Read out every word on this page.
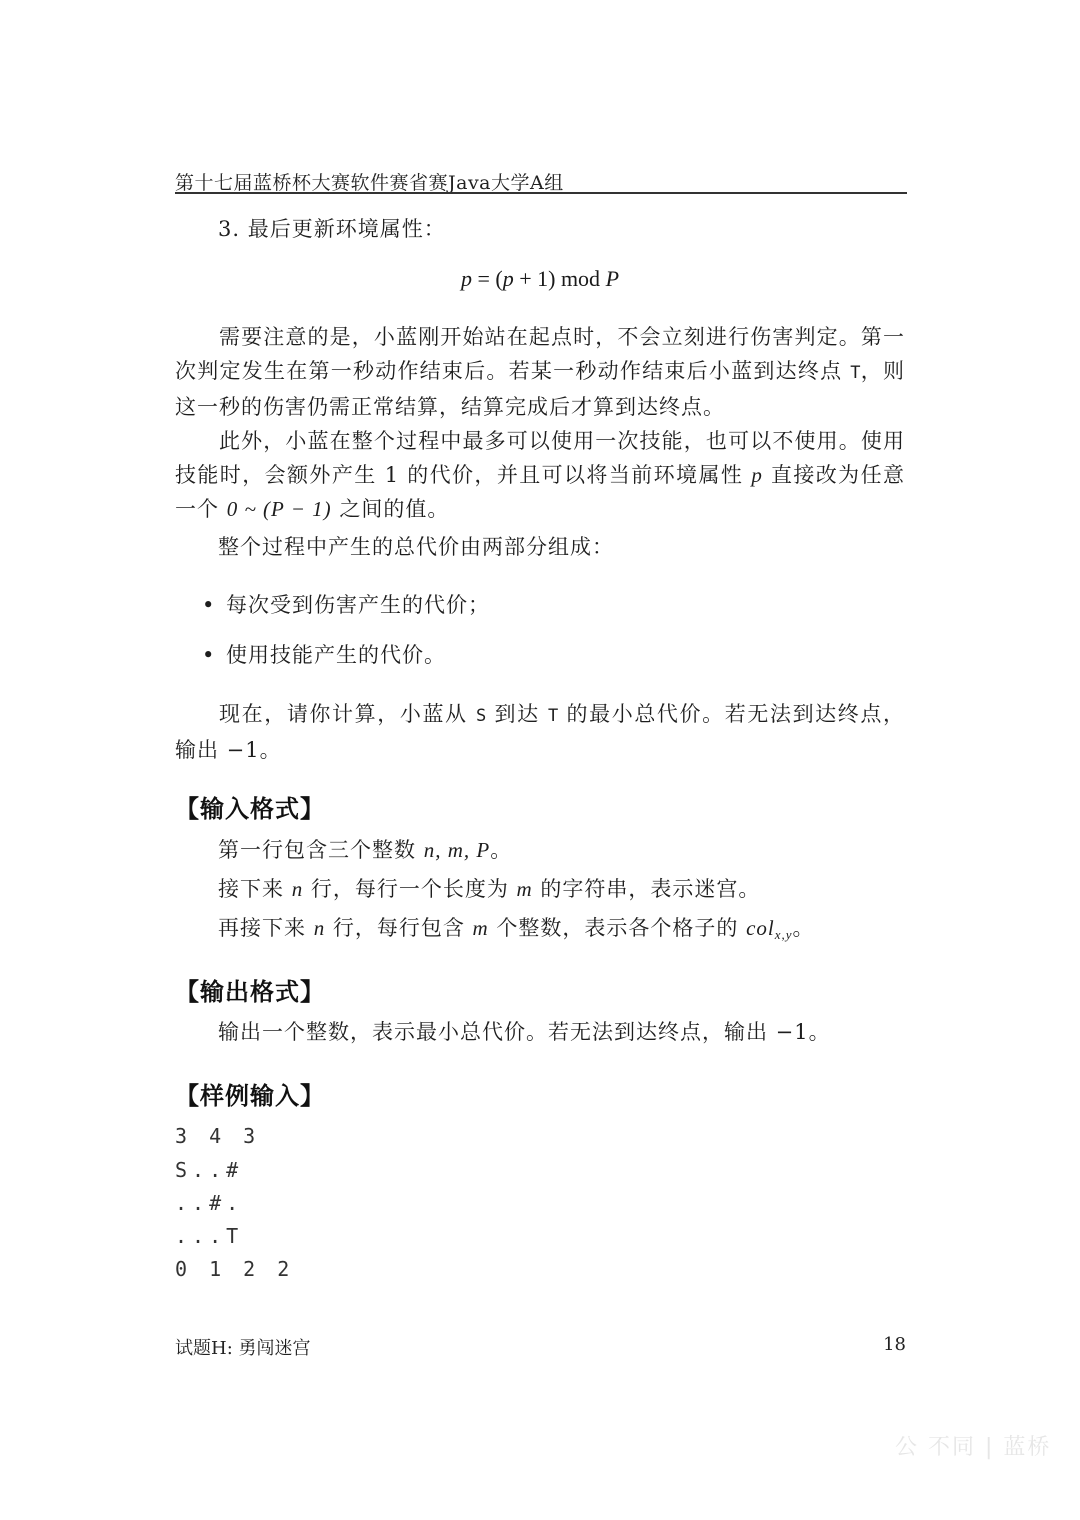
第十七届蓝桥杯大赛软件赛省赛Java大学A组
3. 最后更新环境属性：
p = (p + 1) mod P
需要注意的是，小蓝刚开始站在起点时，不会立刻进行伤害判定。第一次判定发生在第一秒动作结束后。若某一秒动作结束后小蓝到达终点 T，则这一秒的伤害仍需正常结算，结算完成后才算到达终点。
此外，小蓝在整个过程中最多可以使用一次技能，也可以不使用。使用技能时，会额外产生 1 的代价，并且可以将当前环境属性 p 直接改为任意一个 0 ~ (P − 1) 之间的值。
整个过程中产生的总代价由两部分组成：
• 每次受到伤害产生的代价；
• 使用技能产生的代价。
现在，请你计算，小蓝从 S 到达 T 的最小总代价。若无法到达终点，输出 −1。
【输入格式】
第一行包含三个整数 n, m, P。
接下来 n 行，每行一个长度为 m 的字符串，表示迷宫。
再接下来 n 行，每行包含 m 个整数，表示各个格子的 col$_{x,y}$。
【输出格式】
输出一个整数，表示最小总代价。若无法到达终点，输出 −1。
【样例输入】
3 4 3
S..#
..#.
...T
0 1 2 2
试题H: 勇闯迷宫	18
公 不同 | 蓝桥
